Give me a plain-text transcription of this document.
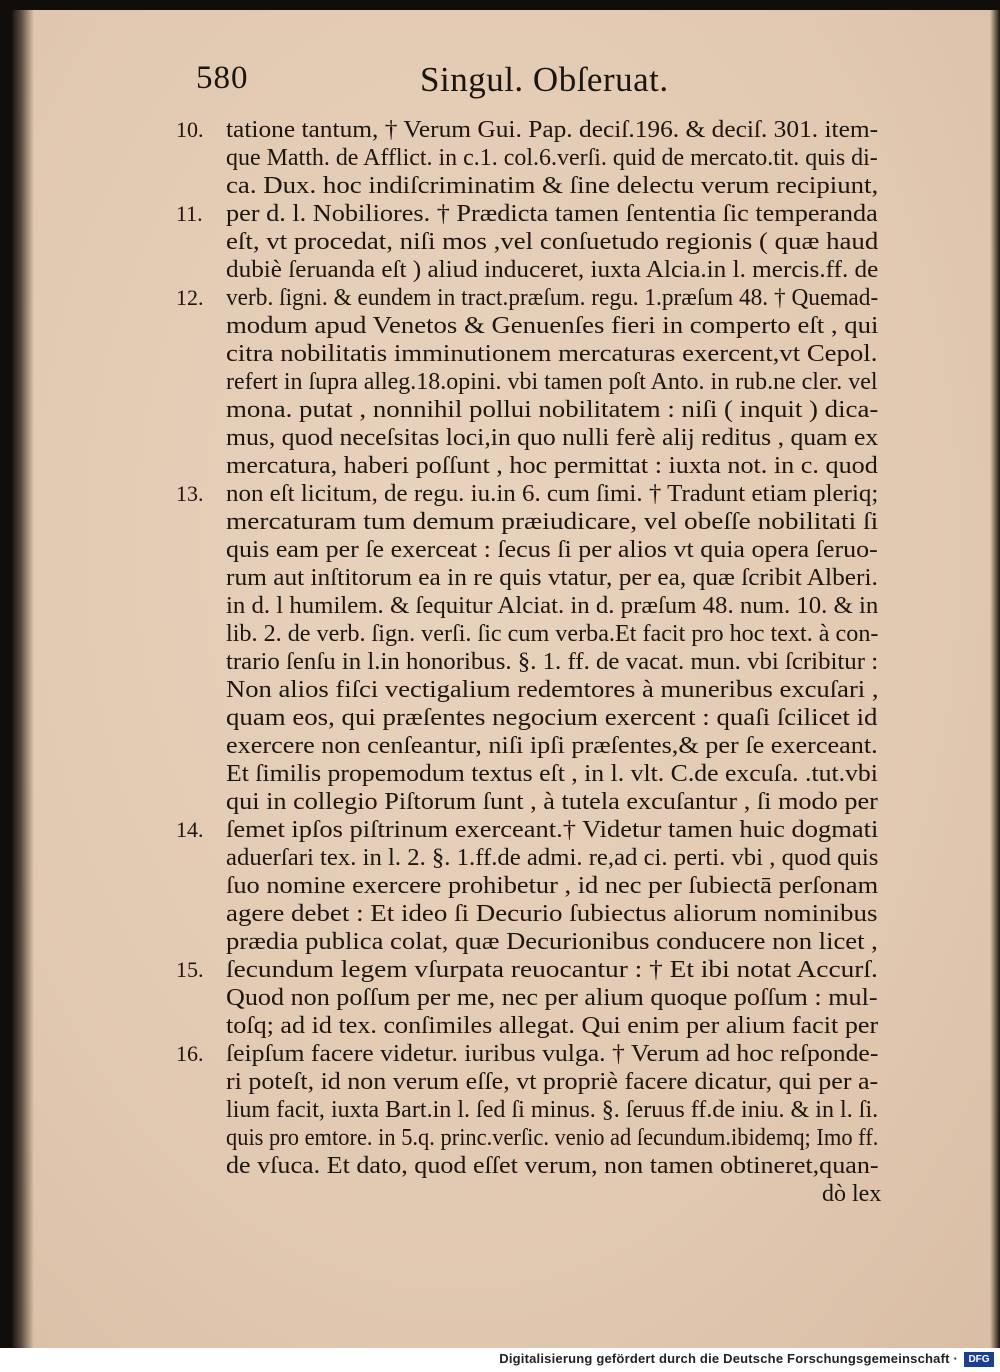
580	Singul. Obſeruat.
10.
11.
12.
13.
14.
15.
16.
tatione tantum, † Verum Gui. Pap. deciſ.196. & deciſ. 301. item-
que Matth. de Afflict. in c.1. col.6.verſi. quid de mercato.tit. quis di-
ca. Dux. hoc indiſcriminatim & ſine delectu verum recipiunt,
per d. l. Nobiliores. † Prædicta tamen ſententia ſic temperanda
eſt, vt procedat, niſi mos ,vel conſuetudo regionis ( quæ haud
dubiè ſeruanda eſt ) aliud induceret, iuxta Alcia.in l. mercis.ff. de
verb. ſigni. & eundem in tract.præſum. regu. 1.præſum 48. † Quemad-
modum apud Venetos & Genuenſes fieri in comperto eſt , qui
citra nobilitatis imminutionem mercaturas exercent,vt Cepol.
refert in ſupra alleg.18.opini. vbi tamen poſt Anto. in rub.ne cler. vel
mona. putat , nonnihil pollui nobilitatem : niſi ( inquit ) dica-
mus, quod neceſsitas loci,in quo nulli ferè alij reditus , quam ex
mercatura, haberi poſſunt , hoc permittat : iuxta not. in c. quod
non eſt licitum, de regu. iu.in 6. cum ſimi. † Tradunt etiam pleriq;
mercaturam tum demum præiudicare, vel obeſſe nobilitati ſi
quis eam per ſe exerceat : ſecus ſi per alios vt quia opera ſeruo-
rum aut inſtitorum ea in re quis vtatur, per ea, quæ ſcribit Alberi.
in d. l humilem. & ſequitur Alciat. in d. præſum 48. num. 10. & in
lib. 2. de verb. ſign. verſi. ſic cum verba.Et facit pro hoc text. à con-
trario ſenſu in l.in honoribus. §. 1. ff. de vacat. mun. vbi ſcribitur :
Non alios fiſci vectigalium redemtores à muneribus excuſari ,
quam eos, qui præſentes negocium exercent : quaſi ſcilicet id
exercere non cenſeantur, niſi ipſi præſentes,& per ſe exerceant.
Et ſimilis propemodum textus eſt , in l. vlt. C.de excuſa. .tut.vbi
qui in collegio Piſtorum ſunt , à tutela excuſantur , ſi modo per
ſemet ipſos piſtrinum exerceant.† Videtur tamen huic dogmati
aduerſari tex. in l. 2. §. 1.ff.de admi. re,ad ci. perti. vbi , quod quis
ſuo nomine exercere prohibetur , id nec per ſubiectā perſonam
agere debet : Et ideo ſi Decurio ſubiectus aliorum nominibus
prædia publica colat, quæ Decurionibus conducere non licet ,
ſecundum legem vſurpata reuocantur : † Et ibi notat Accurſ.
Quod non poſſum per me, nec per alium quoque poſſum : mul-
toſq; ad id tex. conſimiles allegat. Qui enim per alium facit per
ſeipſum facere videtur. iuribus vulga. † Verum ad hoc reſponde-
ri poteſt, id non verum eſſe, vt propriè facere dicatur, qui per a-
lium facit, iuxta Bart.in l. ſed ſi minus. §. ſeruus ff.de iniu. & in l. ſi.
quis pro emtore. in 5.q. princ.verſic. venio ad ſecundum.ibidemq; Imo ff.
de vſuca. Et dato, quod eſſet verum, non tamen obtineret,quan-
dò lex
Digitalisierung gefördert durch die Deutsche Forschungsgemeinschaft ·	DFG
